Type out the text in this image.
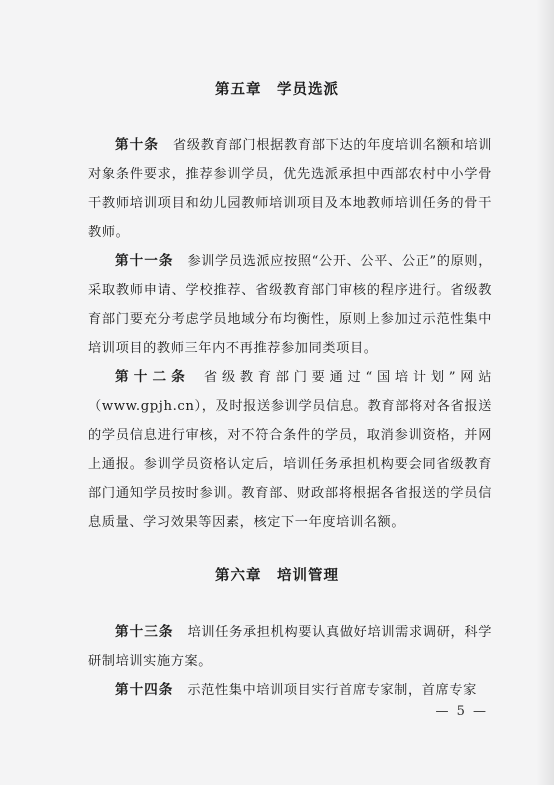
第五章　学员选派

第十条 省级教育部门根据教育部下达的年度培训名额和培训对象条件要求，推荐参训学员，优先选派承担中西部农村中小学骨干教师培训项目和幼儿园教师培训项目及本地教师培训任务的骨干教师。

第十一条 参训学员选派应按照“公开、公平、公正”的原则，采取教师申请、学校推荐、省级教育部门审核的程序进行。省级教育部门要充分考虑学员地域分布均衡性，原则上参加过示范性集中培训项目的教师三年内不再推荐参加同类项目。

第十二条 省级教育部门要通过“国培计划”网站（www.gpjh.cn），及时报送参训学员信息。教育部将对各省报送的学员信息进行审核，对不符合条件的学员，取消参训资格，并网上通报。参训学员资格认定后，培训任务承担机构要会同省级教育部门通知学员按时参训。教育部、财政部将根据各省报送的学员信息质量、学习效果等因素，核定下一年度培训名额。

第六章　培训管理

第十三条 培训任务承担机构要认真做好培训需求调研，科学研制培训实施方案。

第十四条 示范性集中培训项目实行首席专家制，首席专家

— 5 —
